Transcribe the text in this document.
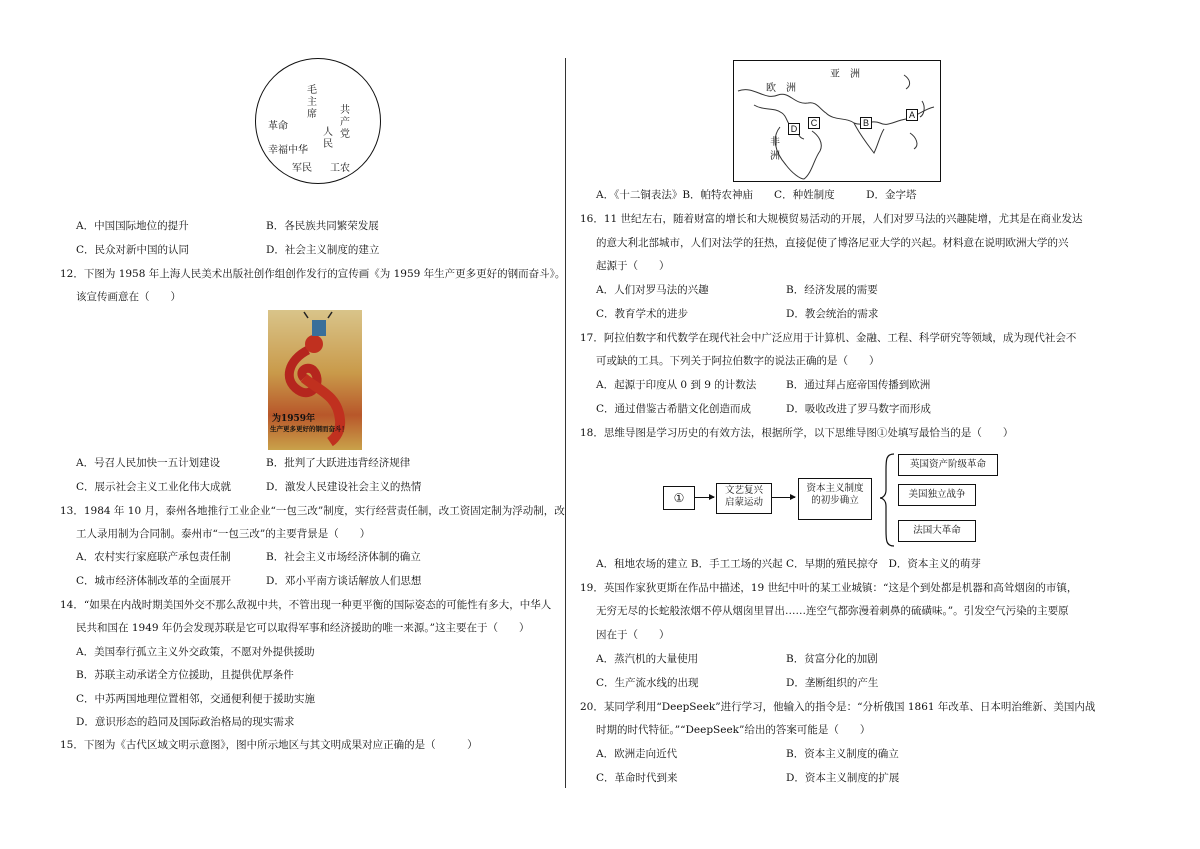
毛主席 共产党
人民
革命
幸福中华
军民 工农
A．中国国际地位的提升	B．各民族共同繁荣发展
C．民众对新中国的认同	D．社会主义制度的建立
12．下图为 1958 年上海人民美术出版社创作组创作发行的宣传画《为 1959 年生产更多更好的钢而奋斗》。
该宣传画意在（　　）
为1959年
生产更多更好的钢而奋斗！
A．号召人民加快一五计划建设	B．批判了大跃进违背经济规律
C．展示社会主义工业化伟大成就	D．激发人民建设社会主义的热情
13．1984 年 10 月，泰州各地推行工业企业“一包三改”制度，实行经营责任制，改工资固定制为浮动制，改
工人录用制为合同制。泰州市“一包三改”的主要背景是（　　）
A．农村实行家庭联产承包责任制	B．社会主义市场经济体制的确立
C．城市经济体制改革的全面展开	D．邓小平南方谈话解放人们思想
14．“如果在内战时期美国外交不那么敌视中共，不管出现一种更平衡的国际姿态的可能性有多大，中华人
民共和国在 1949 年仍会发现苏联是它可以取得军事和经济援助的唯一来源。”这主要在于（　　）
A．美国奉行孤立主义外交政策，不愿对外提供援助
B．苏联主动承诺全方位援助，且提供优厚条件
C．中苏两国地理位置相邻，交通便利便于援助实施
D．意识形态的趋同及国际政治格局的现实需求
15．下图为《古代区域文明示意图》，图中所示地区与其文明成果对应正确的是（　　　）
亚　洲
欧　洲
非
洲
A
B
C
D
A．《十二铜表法》B．帕特农神庙　　C．种姓制度　　　D．金字塔
16．11 世纪左右，随着财富的增长和大规模贸易活动的开展，人们对罗马法的兴趣陡增，尤其是在商业发达
的意大利北部城市，人们对法学的狂热，直接促使了博洛尼亚大学的兴起。材料意在说明欧洲大学的兴
起源于（　　）
A．人们对罗马法的兴趣	B．经济发展的需要
C．教育学术的进步	D．教会统治的需求
17．阿拉伯数字和代数学在现代社会中广泛应用于计算机、金融、工程、科学研究等领域，成为现代社会不
可或缺的工具。下列关于阿拉伯数字的说法正确的是（　　）
A．起源于印度从 0 到 9 的计数法	B．通过拜占庭帝国传播到欧洲
C．通过借鉴古希腊文化创造而成	D．吸收改进了罗马数字而形成
18．思维导图是学习历史的有效方法，根据所学，以下思维导图①处填写最恰当的是（　　）
①
文艺复兴
启蒙运动
资本主义制度
的初步确立
英国资产阶级革命
美国独立战争
法国大革命
A．租地农场的建立 B．手工工场的兴起 C．早期的殖民掠夺　D．资本主义的萌芽
19．英国作家狄更斯在作品中描述，19 世纪中叶的某工业城镇：“这是个到处都是机器和高耸烟囱的市镇，
无穷无尽的长蛇般浓烟不停从烟囱里冒出……连空气都弥漫着刺鼻的硫磺味。”。引发空气污染的主要原
因在于（　　）
A．蒸汽机的大量使用	B．贫富分化的加剧
C．生产流水线的出现	D．垄断组织的产生
20．某同学利用“DeepSeek”进行学习，他输入的指令是：“分析俄国 1861 年改革、日本明治维新、美国内战
时期的时代特征。”“DeepSeek”给出的答案可能是（　　）
A．欧洲走向近代	B．资本主义制度的确立
C．革命时代到来	D．资本主义制度的扩展
